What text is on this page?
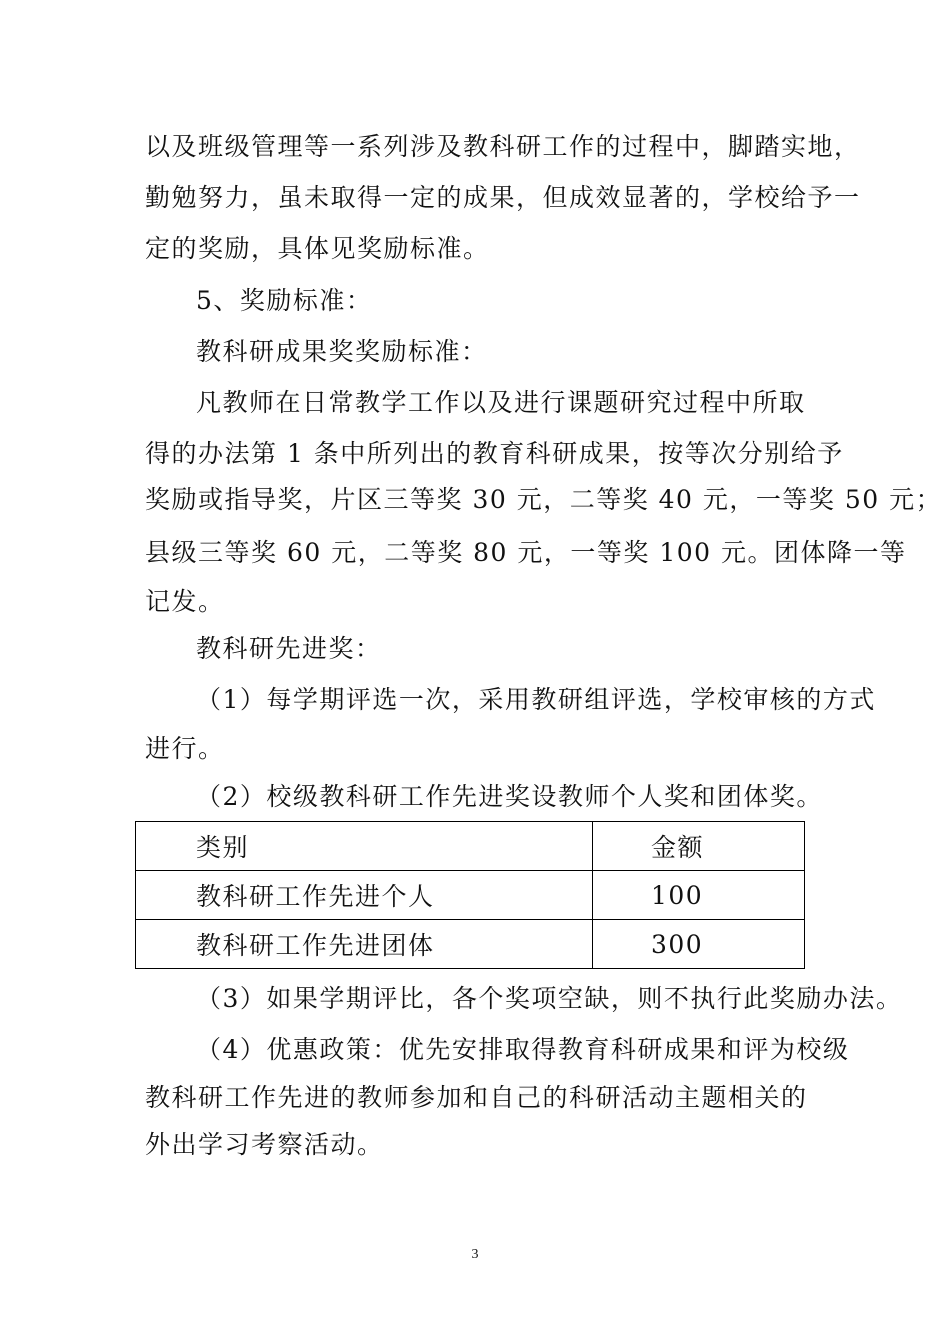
以及班级管理等一系列涉及教科研工作的过程中，脚踏实地，
勤勉努力，虽未取得一定的成果，但成效显著的，学校给予一
定的奖励，具体见奖励标准。
5、奖励标准：
教科研成果奖奖励标准：
凡教师在日常教学工作以及进行课题研究过程中所取
得的办法第 1 条中所列出的教育科研成果，按等次分别给予
奖励或指导奖，片区三等奖 30 元，二等奖 40 元，一等奖 50 元；
县级三等奖 60 元，二等奖 80 元，一等奖 100 元。团体降一等
记发。
教科研先进奖：
（1）每学期评选一次，采用教研组评选，学校审核的方式
进行。
（2）校级教科研工作先进奖设教师个人奖和团体奖。
类别	金额
教科研工作先进个人	100
教科研工作先进团体	300
（3）如果学期评比，各个奖项空缺，则不执行此奖励办法。
（4）优惠政策：优先安排取得教育科研成果和评为校级
教科研工作先进的教师参加和自己的科研活动主题相关的
外出学习考察活动。
3
